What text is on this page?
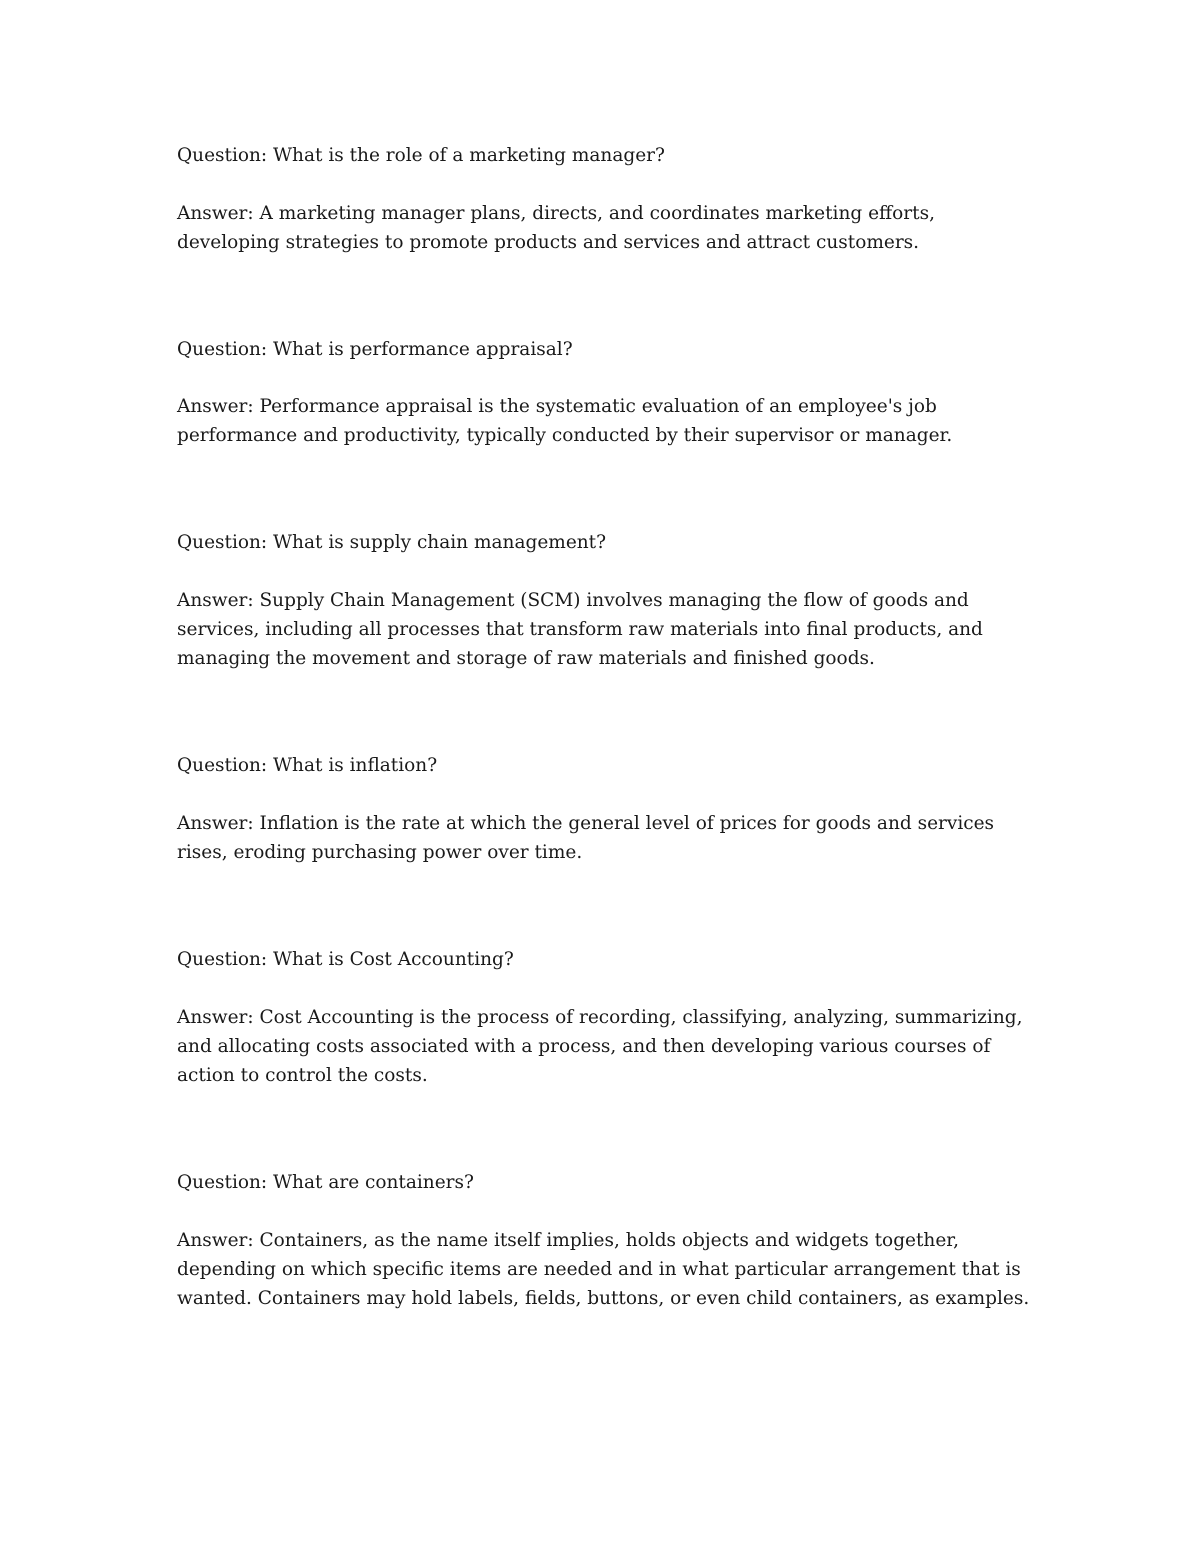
Question: What is the role of a marketing manager?

Answer: A marketing manager plans, directs, and coordinates marketing efforts, developing strategies to promote products and services and attract customers.

Question: What is performance appraisal?

Answer: Performance appraisal is the systematic evaluation of an employee's job performance and productivity, typically conducted by their supervisor or manager.

Question: What is supply chain management?

Answer: Supply Chain Management (SCM) involves managing the flow of goods and services, including all processes that transform raw materials into final products, and managing the movement and storage of raw materials and finished goods.

Question: What is inflation?

Answer: Inflation is the rate at which the general level of prices for goods and services rises, eroding purchasing power over time.

Question: What is Cost Accounting?

Answer: Cost Accounting is the process of recording, classifying, analyzing, summarizing, and allocating costs associated with a process, and then developing various courses of action to control the costs.

Question: What are containers?

Answer: Containers, as the name itself implies, holds objects and widgets together, depending on which specific items are needed and in what particular arrangement that is wanted. Containers may hold labels, fields, buttons, or even child containers, as examples.
